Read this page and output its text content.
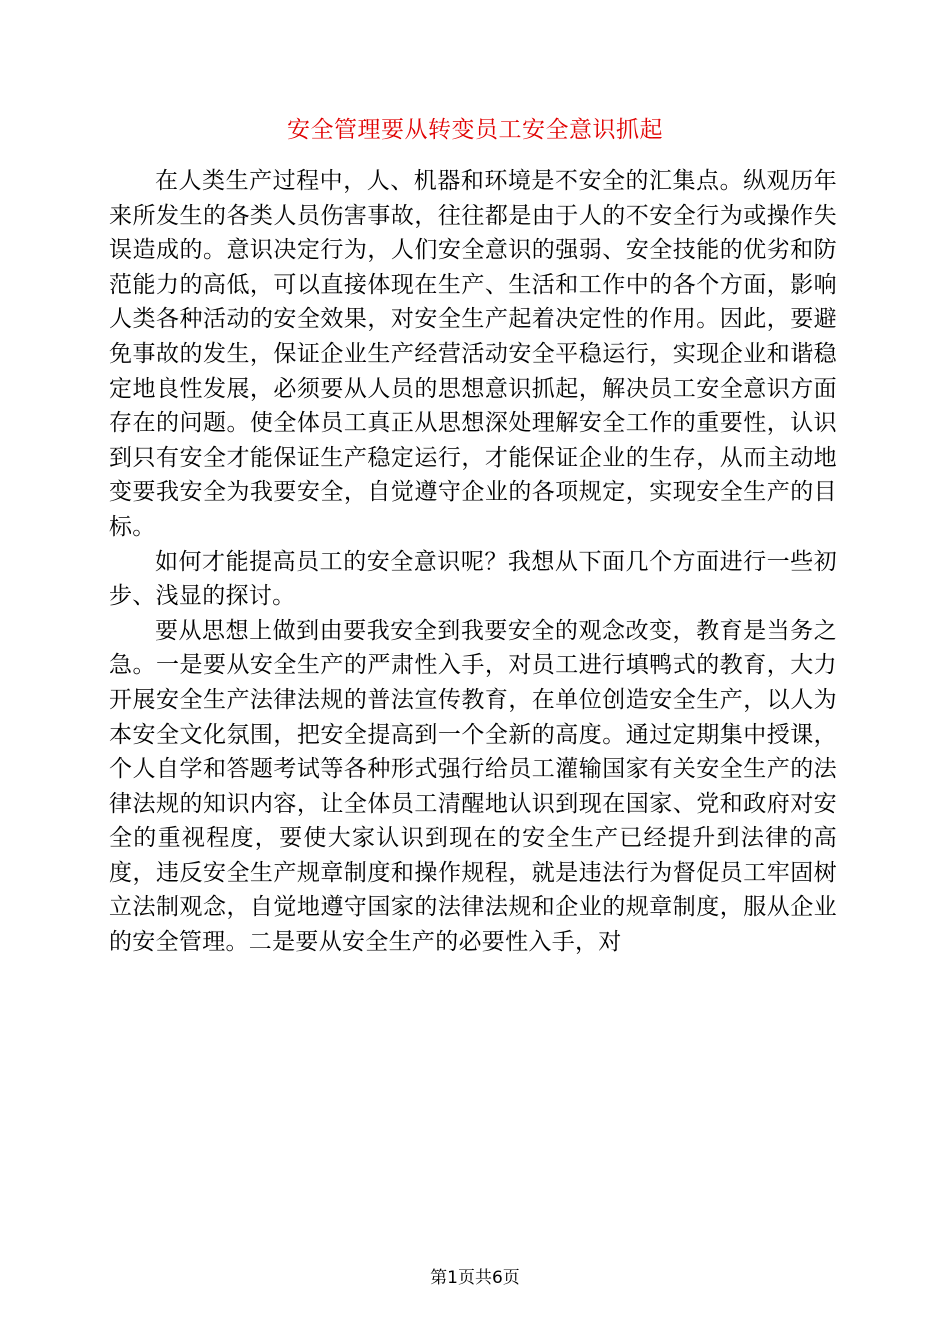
安全管理要从转变员工安全意识抓起

在人类生产过程中，人、机器和环境是不安全的汇集点。纵观历年来所发生的各类人员伤害事故，往往都是由于人的不安全行为或操作失误造成的。意识决定行为，人们安全意识的强弱、安全技能的优劣和防范能力的高低，可以直接体现在生产、生活和工作中的各个方面，影响人类各种活动的安全效果，对安全生产起着决定性的作用。因此，要避免事故的发生，保证企业生产经营活动安全平稳运行，实现企业和谐稳定地良性发展，必须要从人员的思想意识抓起，解决员工安全意识方面存在的问题。使全体员工真正从思想深处理解安全工作的重要性，认识到只有安全才能保证生产稳定运行，才能保证企业的生存，从而主动地变要我安全为我要安全，自觉遵守企业的各项规定，实现安全生产的目标。

如何才能提高员工的安全意识呢？我想从下面几个方面进行一些初步、浅显的探讨。

要从思想上做到由要我安全到我要安全的观念改变，教育是当务之急。一是要从安全生产的严肃性入手，对员工进行填鸭式的教育，大力开展安全生产法律法规的普法宣传教育，在单位创造安全生产，以人为本安全文化氛围，把安全提高到一个全新的高度。通过定期集中授课，个人自学和答题考试等各种形式强行给员工灌输国家有关安全生产的法律法规的知识内容，让全体员工清醒地认识到现在国家、党和政府对安全的重视程度，要使大家认识到现在的安全生产已经提升到法律的高度，违反安全生产规章制度和操作规程，就是违法行为督促员工牢固树立法制观念，自觉地遵守国家的法律法规和企业的规章制度，服从企业的安全管理。二是要从安全生产的必要性入手，对

第1页共6页
